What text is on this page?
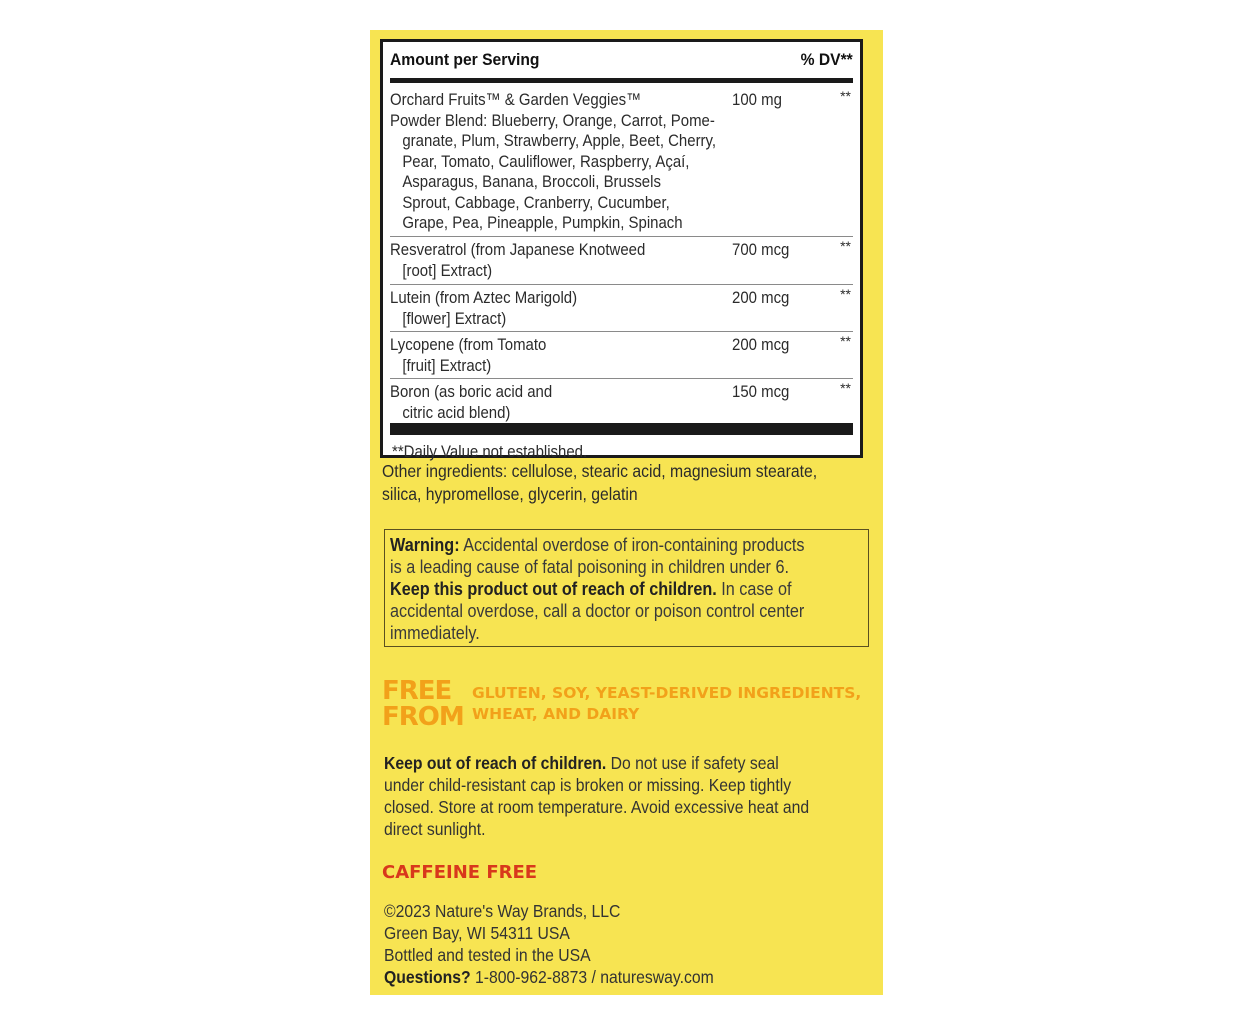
Amount per Serving	% DV**
Orchard Fruits™ & Garden Veggies™
Powder Blend: Blueberry, Orange, Carrot, Pome-
granate, Plum, Strawberry, Apple, Beet, Cherry,
Pear, Tomato, Cauliflower, Raspberry, Açaí,
Asparagus, Banana, Broccoli, Brussels
Sprout, Cabbage, Cranberry, Cucumber,
Grape, Pea, Pineapple, Pumpkin, Spinach
100 mg	**
Resveratrol (from Japanese Knotweed
[root] Extract)
700 mcg	**
Lutein (from Aztec Marigold)
[flower] Extract)
200 mcg	**
Lycopene (from Tomato
[fruit] Extract)
200 mcg	**
Boron (as boric acid and
citric acid blend)
150 mcg	**
**Daily Value not established.
Other ingredients: cellulose, stearic acid, magnesium stearate,
silica, hypromellose, glycerin, gelatin
Warning: Accidental overdose of iron-containing products
is a leading cause of fatal poisoning in children under 6.
Keep this product out of reach of children. In case of
accidental overdose, call a doctor or poison control center
immediately.
FREE
FROM
GLUTEN, SOY, YEAST-DERIVED INGREDIENTS,
WHEAT, AND DAIRY
Keep out of reach of children. Do not use if safety seal
under child-resistant cap is broken or missing. Keep tightly
closed. Store at room temperature. Avoid excessive heat and
direct sunlight.
CAFFEINE FREE
©2023 Nature's Way Brands, LLC
Green Bay, WI 54311 USA
Bottled and tested in the USA
Questions? 1-800-962-8873 / naturesway.com
